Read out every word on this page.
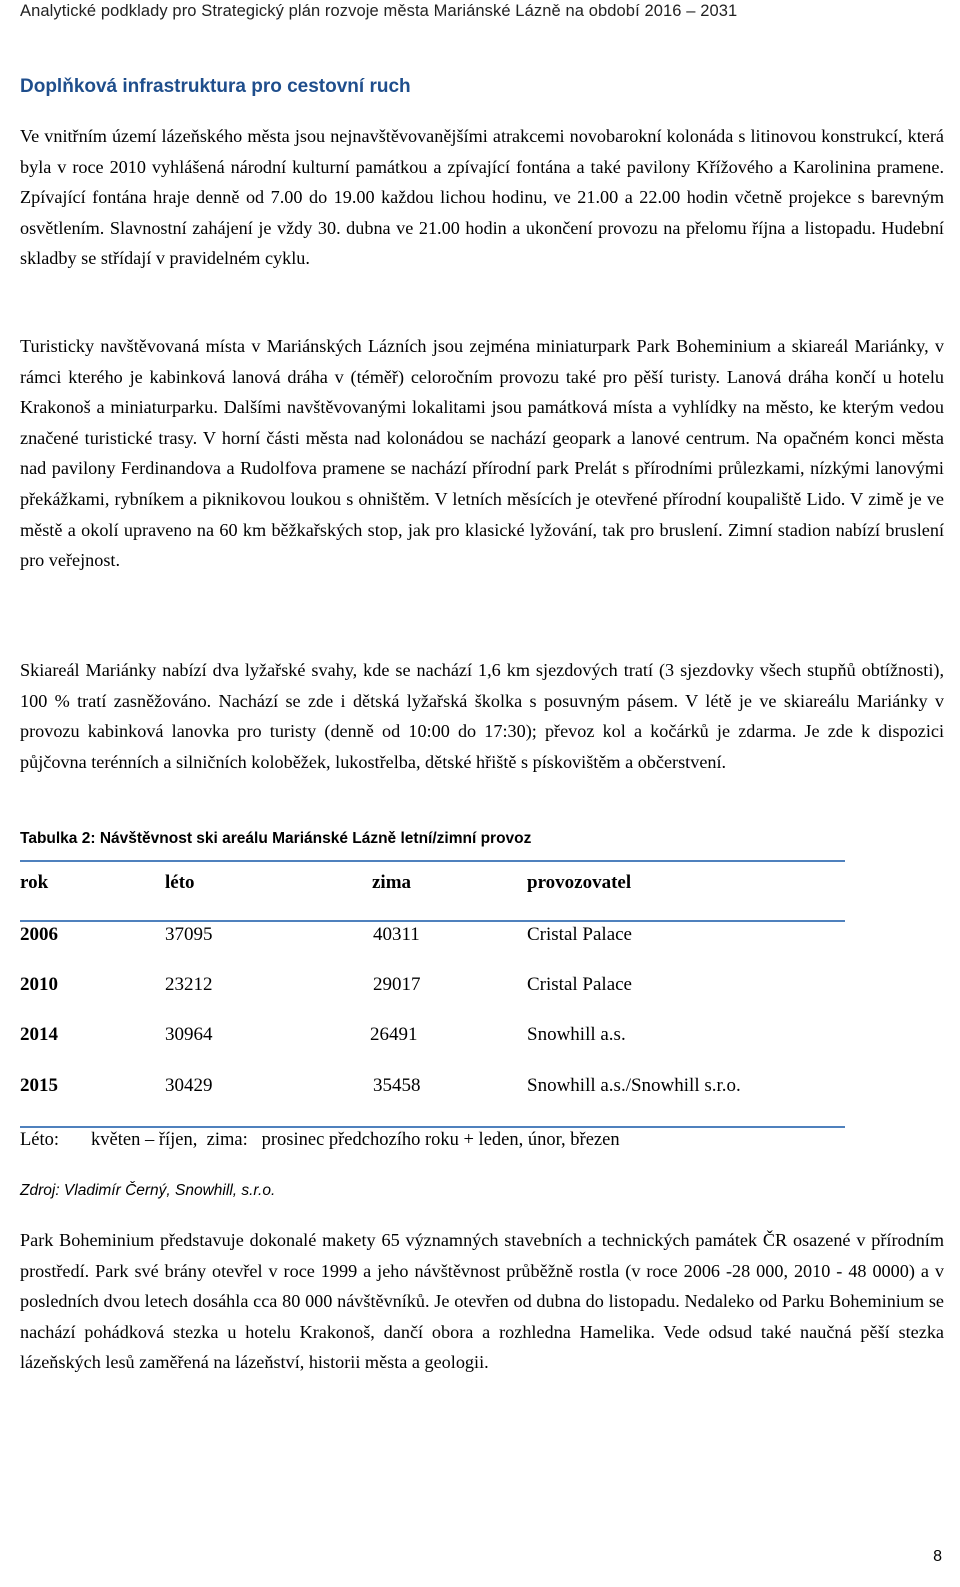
Analytické podklady pro Strategický plán rozvoje města Mariánské Lázně na období 2016 – 2031
Doplňková infrastruktura pro cestovní ruch

Ve vnitřním území lázeňského města jsou nejnavštěvovanějšími atrakcemi novobarokní kolonáda s litinovou konstrukcí, která byla v roce 2010 vyhlášená národní kulturní památkou a zpívající fontána a také pavilony Křížového a Karolinina pramene. Zpívající fontána hraje denně od 7.00 do 19.00 každou lichou hodinu, ve 21.00 a 22.00 hodin včetně projekce s barevným osvětlením. Slavnostní zahájení je vždy 30. dubna ve 21.00 hodin a ukončení provozu na přelomu října a listopadu. Hudební skladby se střídají v pravidelném cyklu.

Turisticky navštěvovaná místa v Mariánských Lázních jsou zejména miniaturpark Park Boheminium a skiareál Mariánky, v rámci kterého je kabinková lanová dráha v (téměř) celoročním provozu také pro pěší turisty. Lanová dráha končí u hotelu Krakonoš a miniaturparku. Dalšími navštěvovanými lokalitami jsou památková místa a vyhlídky na město, ke kterým vedou značené turistické trasy. V horní části města nad kolonádou se nachází geopark a lanové centrum. Na opačném konci města nad pavilony Ferdinandova a Rudolfova pramene se nachází přírodní park Prelát s přírodními průlezkami, nízkými lanovými překážkami, rybníkem a piknikovou loukou s ohništěm. V letních měsících je otevřené přírodní koupaliště Lido. V zimě je ve městě a okolí upraveno na 60 km běžkařských stop, jak pro klasické lyžování, tak pro bruslení. Zimní stadion nabízí bruslení pro veřejnost.

Skiareál Mariánky nabízí dva lyžařské svahy, kde se nachází 1,6 km sjezdových tratí (3 sjezdovky všech stupňů obtížnosti), 100 % tratí zasněžováno. Nachází se zde i dětská lyžařská školka s posuvným pásem. V létě je ve skiareálu Mariánky v provozu kabinková lanovka pro turisty (denně od 10:00 do 17:30); převoz kol a kočárků je zdarma. Je zde k dispozici půjčovna terénních a silničních koloběžek, lukostřelba, dětské hřiště s pískovištěm a občerstvení.

Tabulka 2: Návštěvnost ski areálu Mariánské Lázně letní/zimní provoz
rok	léto	zima	provozovatel
2006	37095	40311	Cristal Palace
2010	23212	29017	Cristal Palace
2014	30964	26491	Snowhill a.s.
2015	30429	35458	Snowhill a.s./Snowhill s.r.o.
Léto: květen – říjen,  zima:   prosinec předchozího roku + leden, únor, březen
Zdroj: Vladimír Černý, Snowhill, s.r.o.

Park Boheminium představuje dokonalé makety 65 významných stavebních a technických památek ČR osazené v přírodním prostředí. Park své brány otevřel v roce 1999 a jeho návštěvnost průběžně rostla (v roce 2006 -28 000, 2010 - 48 0000) a v posledních dvou letech dosáhla cca 80 000 návštěvníků. Je otevřen od dubna do listopadu. Nedaleko od Parku Boheminium se nachází pohádková stezka u hotelu Krakonoš, dančí obora a rozhledna Hamelika. Vede odsud také naučná pěší stezka lázeňských lesů zaměřená na lázeňství, historii města a geologii.

8
